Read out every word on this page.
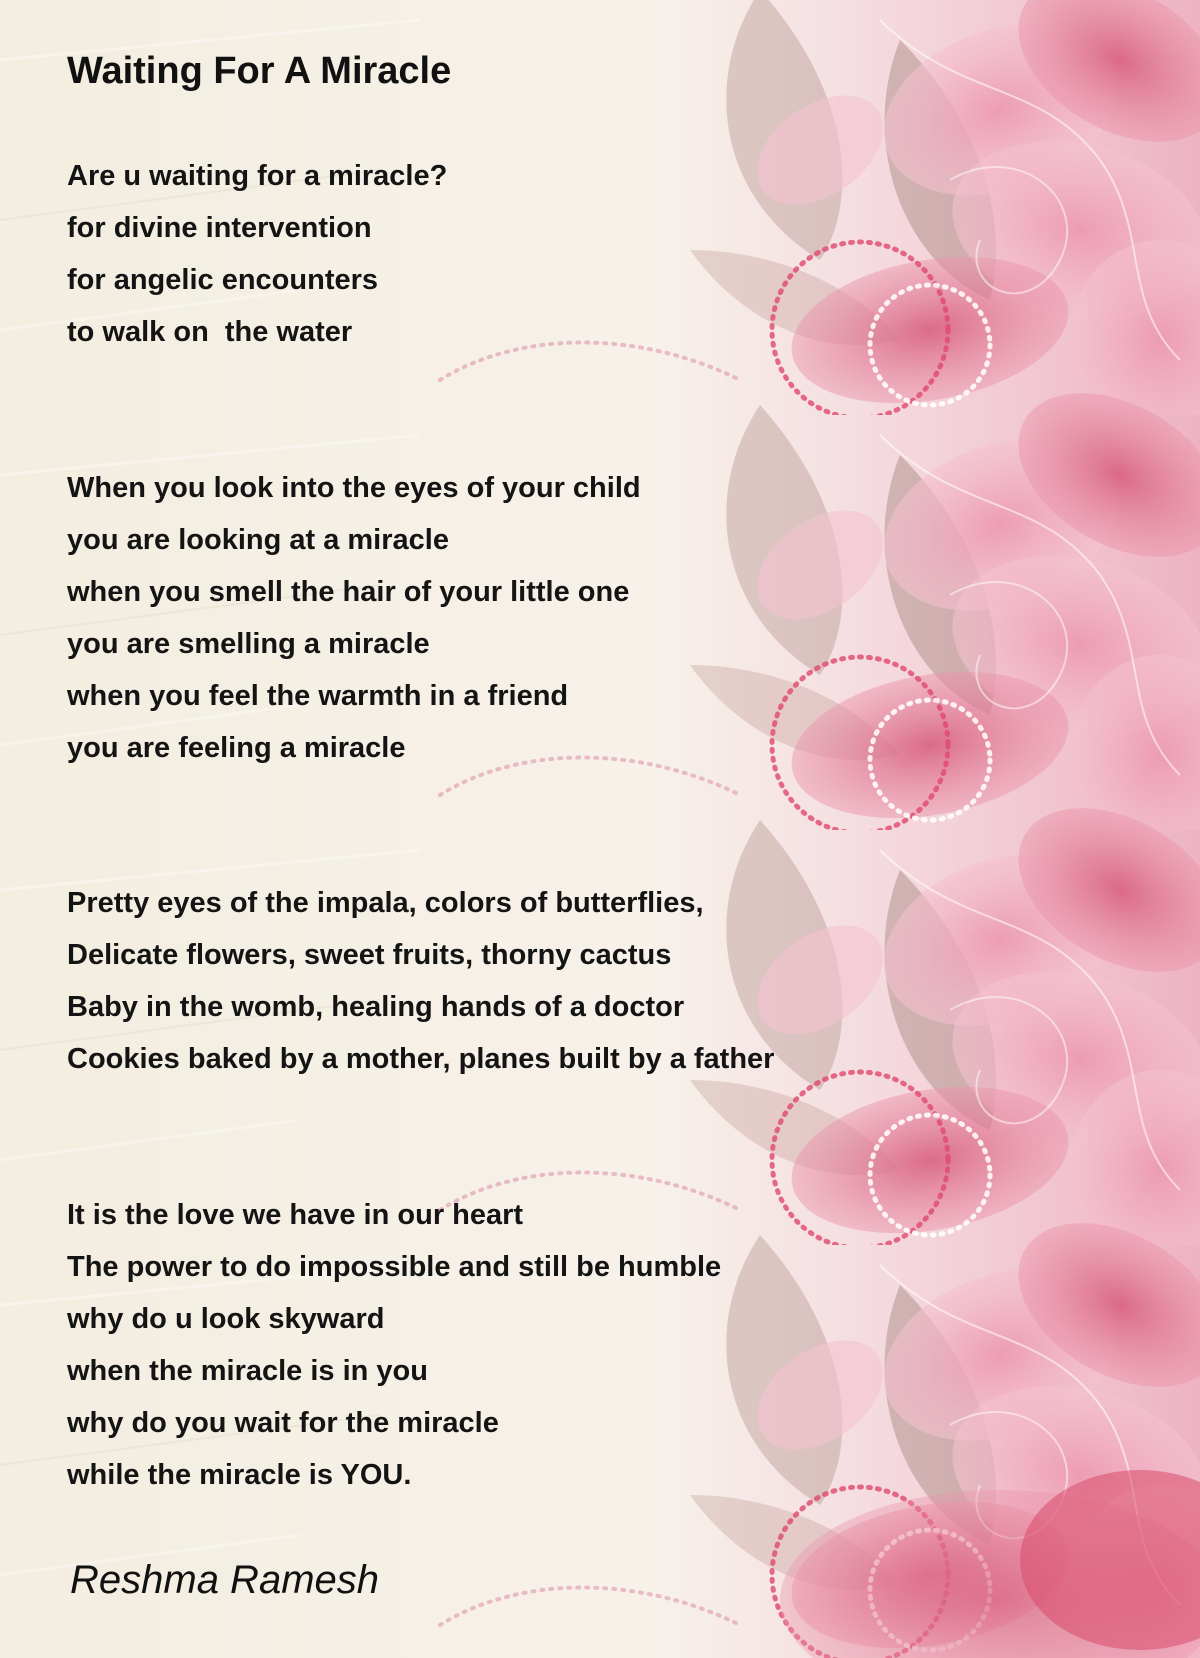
Waiting For A Miracle
Are u waiting for a miracle?
for divine intervention
for angelic encounters
to walk on  the water
When you look into the eyes of your child
you are looking at a miracle
when you smell the hair of your little one
you are smelling a miracle
when you feel the warmth in a friend
you are feeling a miracle
Pretty eyes of the impala, colors of butterflies,
Delicate flowers, sweet fruits, thorny cactus
Baby in the womb, healing hands of a doctor
Cookies baked by a mother, planes built by a father
It is the love we have in our heart
The power to do impossible and still be humble
why do u look skyward
when the miracle is in you
why do you wait for the miracle
while the miracle is YOU.

Reshma Ramesh
